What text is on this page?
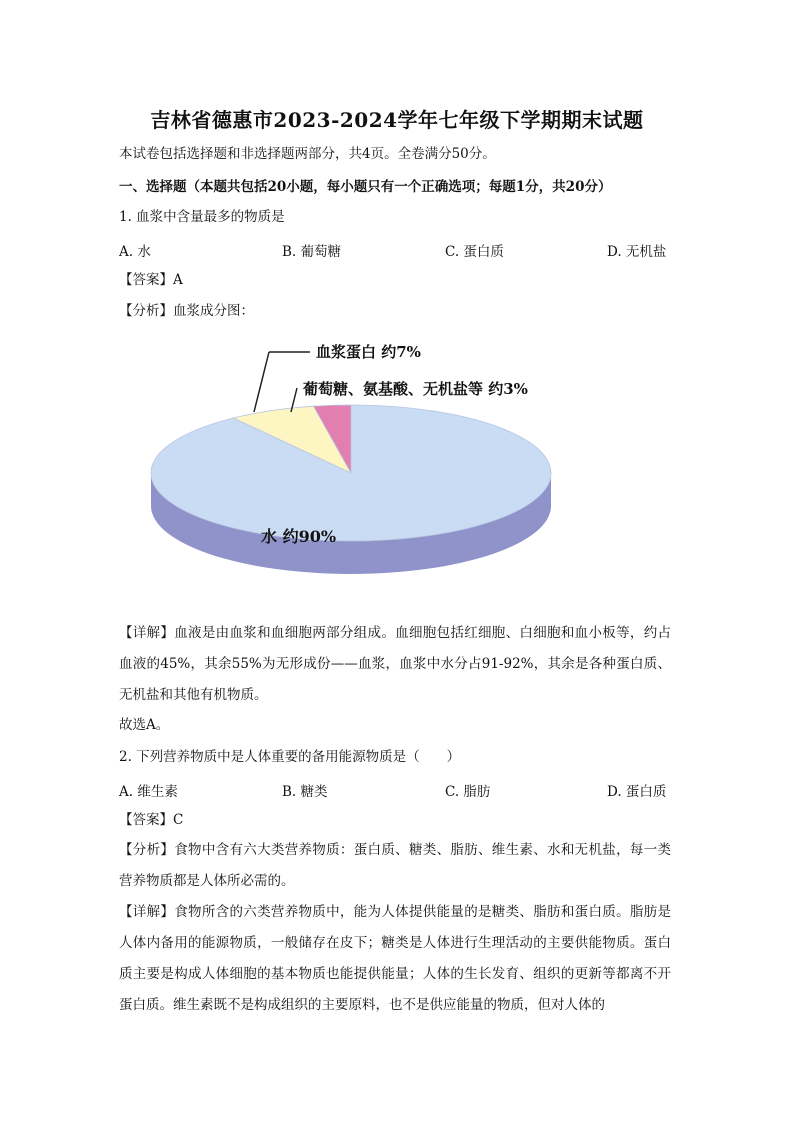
吉林省德惠市2023-2024学年七年级下学期期末试题
本试卷包括选择题和非选择题两部分，共4页。全卷满分50分。
一、选择题（本题共包括20小题，每小题只有一个正确选项；每题1分，共20分）
1. 血浆中含量最多的物质是
A. 水	B. 葡萄糖	C. 蛋白质	D. 无机盐
【答案】A
【分析】血浆成分图：
血浆蛋白 约7%
葡萄糖、氨基酸、无机盐等 约3%
水 约90%
【详解】血液是由血浆和血细胞两部分组成。血细胞包括红细胞、白细胞和血小板等，约占血液的45%，其余55%为无形成份——血浆，血浆中水分占91-92%，其余是各种蛋白质、无机盐和其他有机物质。
故选A。
2. 下列营养物质中是人体重要的备用能源物质是（　　）
A. 维生素	B. 糖类	C. 脂肪	D. 蛋白质
【答案】C
【分析】食物中含有六大类营养物质：蛋白质、糖类、脂肪、维生素、水和无机盐，每一类营养物质都是人体所必需的。
【详解】食物所含的六类营养物质中，能为人体提供能量的是糖类、脂肪和蛋白质。脂肪是人体内备用的能源物质，一般储存在皮下；糖类是人体进行生理活动的主要供能物质。蛋白质主要是构成人体细胞的基本物质也能提供能量；人体的生长发育、组织的更新等都离不开蛋白质。维生素既不是构成组织的主要原料，也不是供应能量的物质，但对人体的
